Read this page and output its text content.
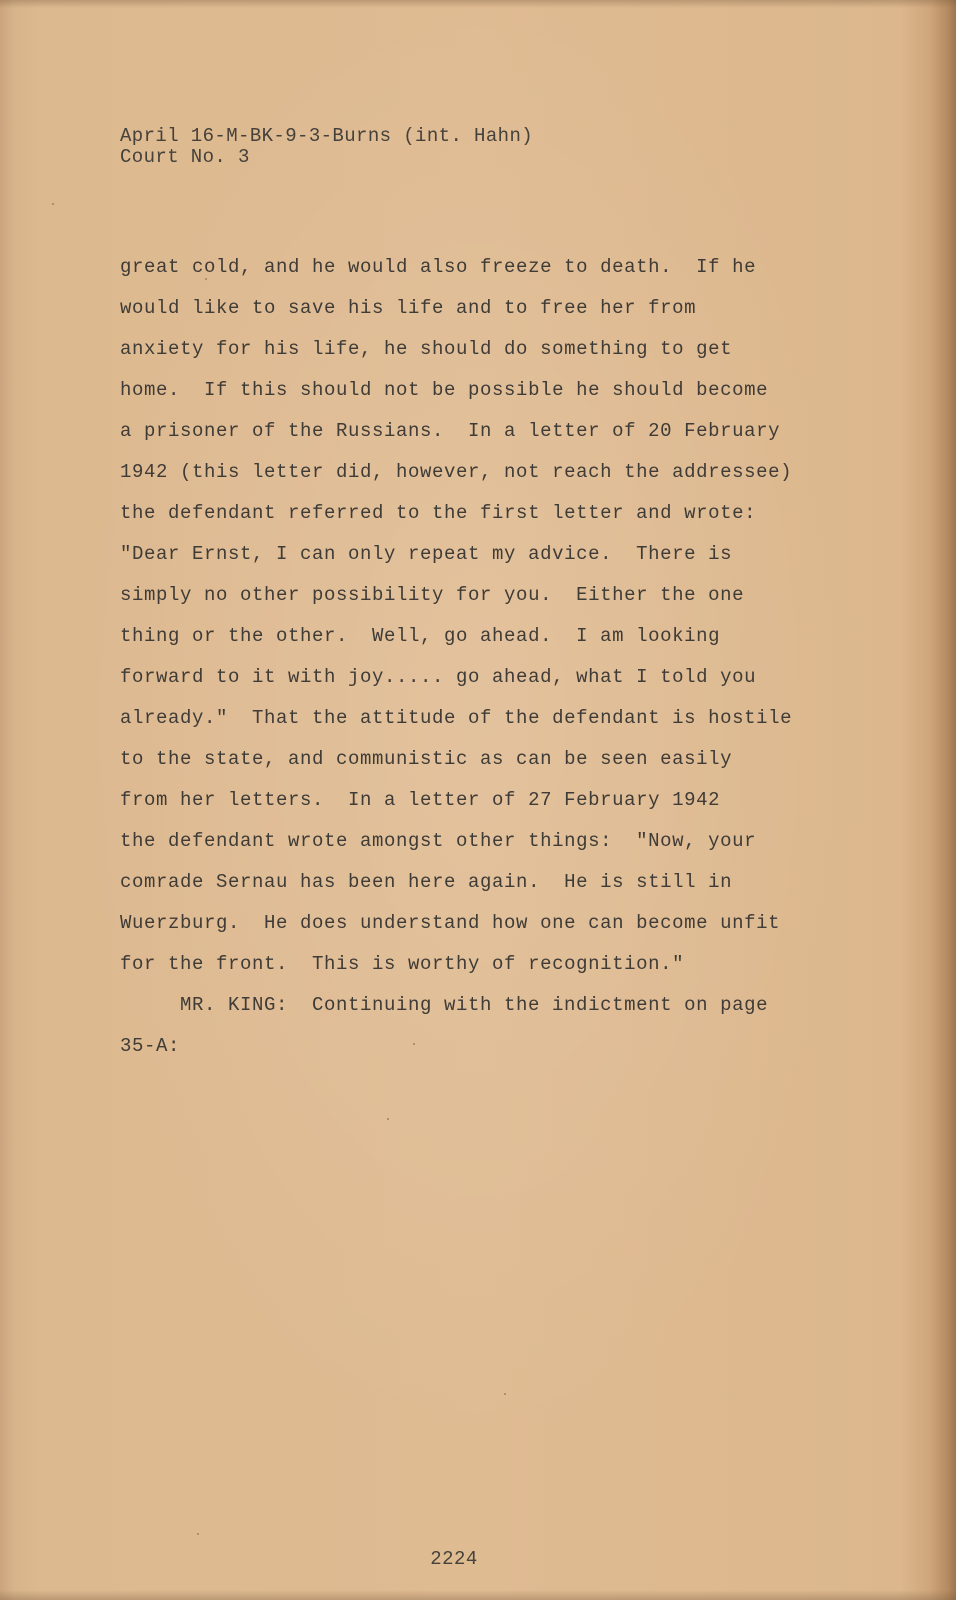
April 16-M-BK-9-3-Burns (int. Hahn)
Court No. 3
great cold, and he would also freeze to death.  If he
would like to save his life and to free her from
anxiety for his life, he should do something to get
home.  If this should not be possible he should become
a prisoner of the Russians.  In a letter of 20 February
1942 (this letter did, however, not reach the addressee)
the defendant referred to the first letter and wrote:
"Dear Ernst, I can only repeat my advice.  There is
simply no other possibility for you.  Either the one
thing or the other.  Well, go ahead.  I am looking
forward to it with joy..... go ahead, what I told you
already."  That the attitude of the defendant is hostile
to the state, and communistic as can be seen easily
from her letters.  In a letter of 27 February 1942
the defendant wrote amongst other things:  "Now, your
comrade Sernau has been here again.  He is still in
Wuerzburg.  He does understand how one can become unfit
for the front.  This is worthy of recognition."
MR. KING:  Continuing with the indictment on page
35-A:
2224
